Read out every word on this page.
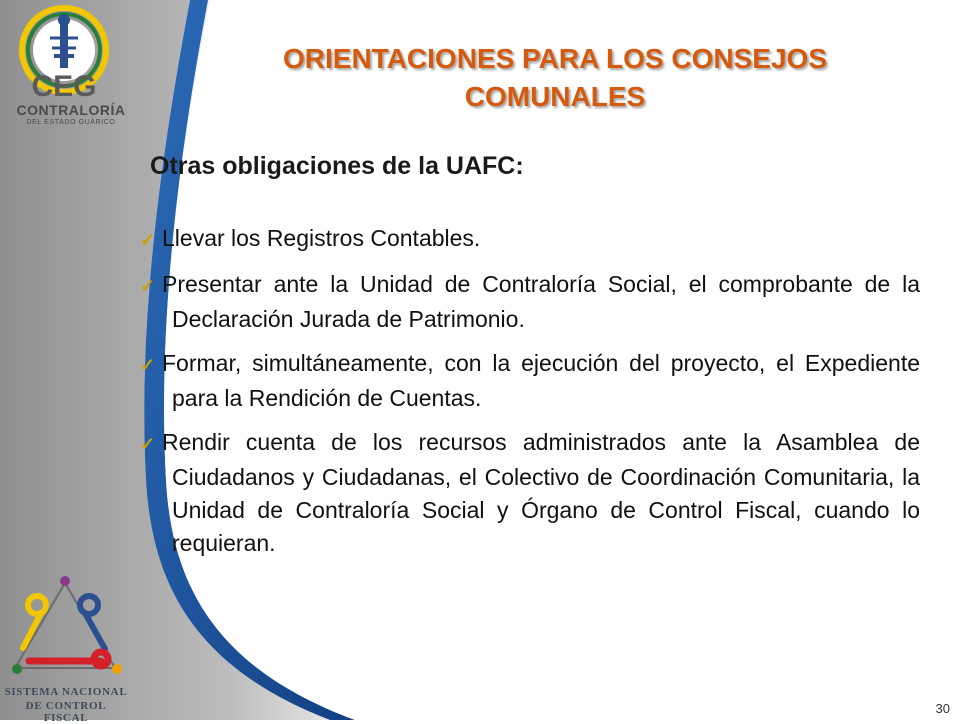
CEG
CONTRALORÍA
DEL ESTADO GUÁRICO
ORIENTACIONES PARA LOS CONSEJOS COMUNALES
Otras obligaciones de la UAFC:
✓ Llevar los Registros Contables.
✓ Presentar ante la Unidad de Contraloría Social, el comprobante de la Declaración Jurada de Patrimonio.
✓ Formar, simultáneamente, con la ejecución del proyecto, el Expediente para la Rendición de Cuentas.
✓ Rendir cuenta de los recursos administrados ante la Asamblea de Ciudadanos y Ciudadanas, el Colectivo de Coordinación Comunitaria, la Unidad de Contraloría Social y Órgano de Control Fiscal, cuando lo requieran.
SISTEMA NACIONAL
DE CONTROL FISCAL
30
